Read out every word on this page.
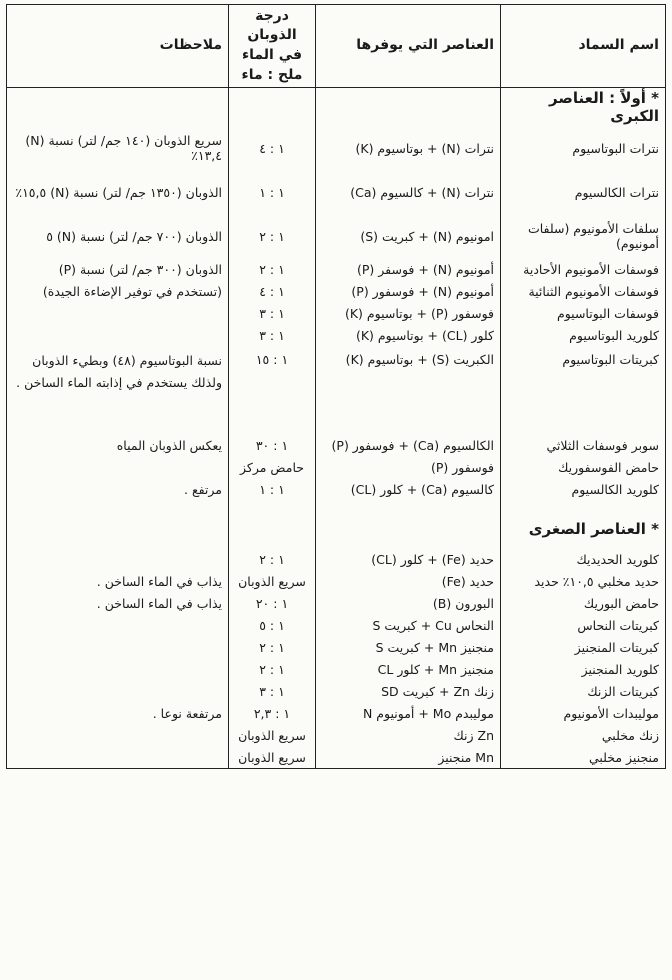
اسم السماد	العناصر التي يوفرها	درجة الذوبان في الماء ملح : ماء	ملاحظات
* أولاً : العناصر الكبرى			
نترات البوتاسيوم	نترات (N) + بوتاسيوم (K)	١ : ٤	سريع الذوبان (١٤٠ جم/ لتر) نسبة (N) ١٣,٤٪
نترات الكالسيوم	نترات (N) + كالسيوم (Ca)	١ : ١	الذوبان (١٣٥٠ جم/ لتر) نسبة (N) ١٥,٥٪
سلفات الأمونيوم (سلفات أمونيوم)	امونيوم (N) + كبريت (S)	١ : ٢	الذوبان (٧٠٠ جم/ لتر) نسبة (N) ٥
فوسفات الأمونيوم الأحادية	أمونيوم (N) + فوسفر (P)	١ : ٢	الذوبان (٣٠٠ جم/ لتر) نسبة (P)
فوسفات الأمونيوم الثنائية	أمونيوم (N) + فوسفور (P)	١ : ٤	(تستخدم في توفير الإضاءة الجيدة)
فوسفات البوتاسيوم	فوسفور (P) + بوتاسيوم (K)	١ : ٣	
كلوريد البوتاسيوم	كلور (CL) + بوتاسيوم (K)	١ : ٣	
كبريتات البوتاسيوم	الكبريت (S) + بوتاسيوم (K)	١ : ١٥	نسبة البوتاسيوم (٤٨) وبطيء الذوبان ولذلك يستخدم في إذابته الماء الساخن .
سوبر فوسفات الثلاثي	الكالسيوم (Ca) + فوسفور (P)	١ : ٣٠	يعكس الذوبان المياه
حامض الفوسفوريك	فوسفور (P)	حامض مركز	
كلوريد الكالسيوم	كالسيوم (Ca) + كلور (CL)	١ : ١	مرتفع .

* العناصر الصغرى			
كلوريد الحديديك	حديد (Fe) + كلور (CL)	١ : ٢	
حديد مخلبي ١٠,٥٪ حديد	حديد (Fe)	سريع الذوبان	يذاب في الماء الساخن .
حامض البوريك	البورون (B)	١ : ٢٠	يذاب في الماء الساخن .
كبريتات النحاس	النحاس Cu + كبريت S	١ : ٥	
كبريتات المنجنيز	منجنيز Mn + كبريت S	١ : ٢	
كلوريد المنجنيز	منجنيز Mn + كلور CL	١ : ٢	
كبريتات الزنك	زنك Zn + كبريت SD	١ : ٣	
موليبدات الأمونيوم	موليبدم Mo + أمونيوم N	١ : ٢,٣	مرتفعة نوعا .
زنك مخلبي	Zn زنك	سريع الذوبان	
منجنيز مخلبي	Mn منجنيز	سريع الذوبان	
